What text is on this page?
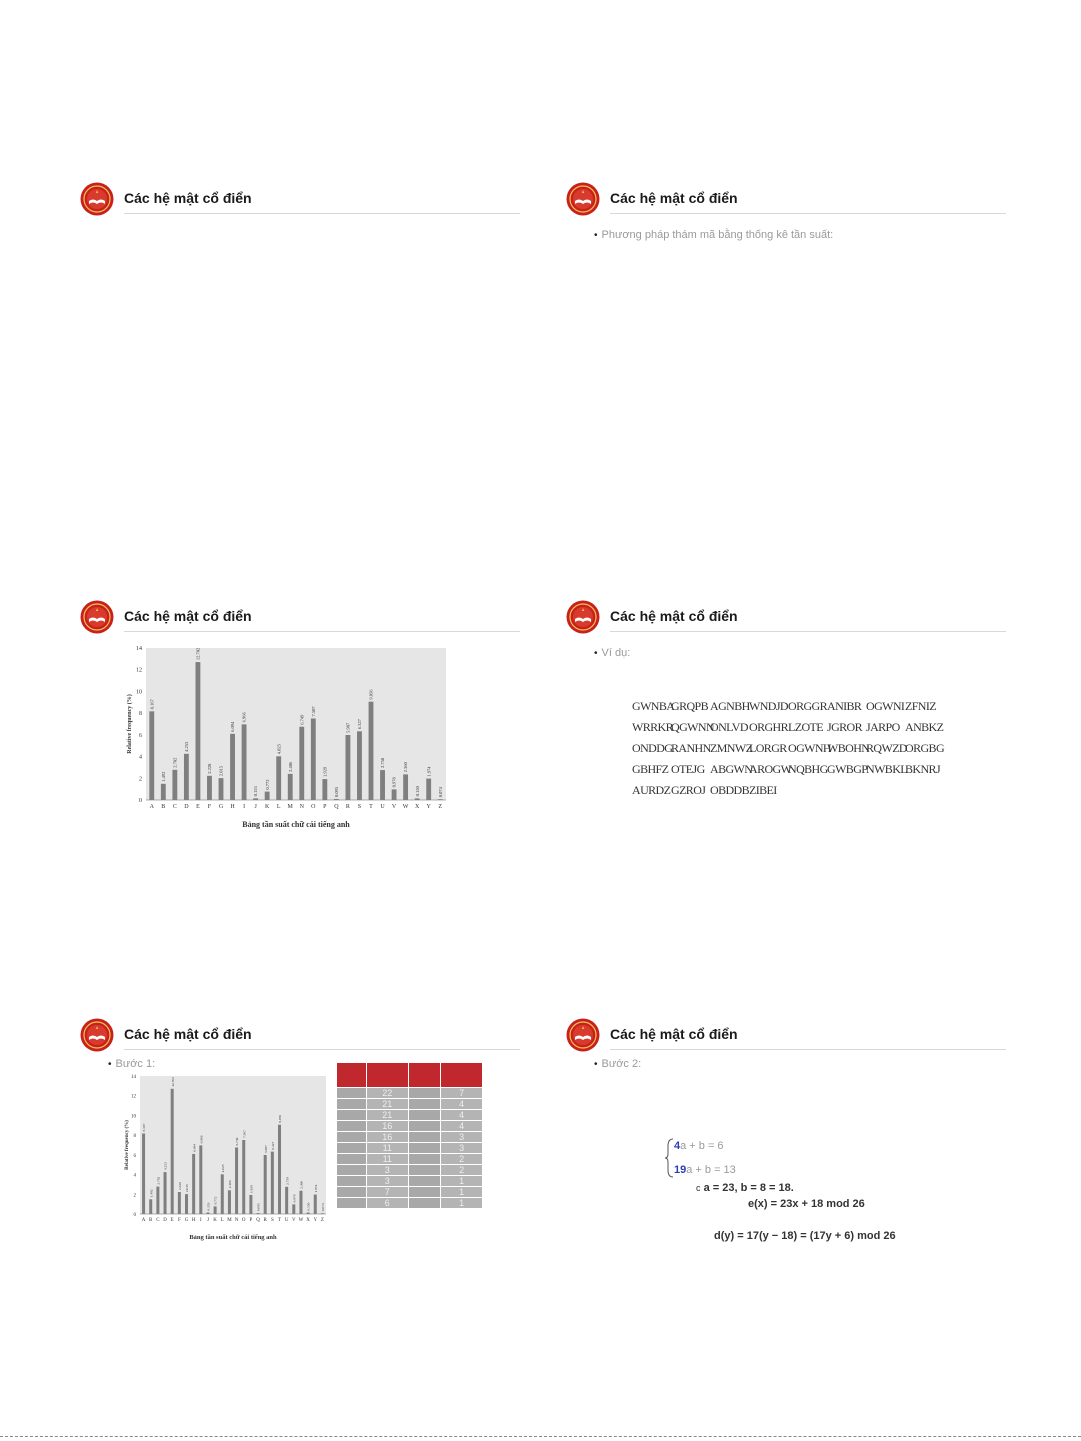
Các hệ mật cổ điển	Các hệ mật cổ điển
• Phương pháp thám mã bằng thống kê tần suất:
Các hệ mật cổ điển
0
2
4
6
8
10
12
14
8.167
A
1.492
B
2.782
C
4.253
D
12.702
E
2.228
F
2.015
G
6.094
H
6.966
I
0.153
J
0.772
K
4.025
L
2.406
M
6.749
N
7.507
O
1.929
P
0.095
Q
5.987
R
6.327
S
9.056
T
2.758
U
0.978
V
2.360
W
0.150
X
1.974
Y
0.074
Z
Relative frequency (%)
Bảng tần suất chữ cái tiếng anh
Các hệ mật cổ điển
• Ví dụ:
GWNBA
GRQPB AGNBH WNDJD ORGGR ANIBR OGWNI ZFNIZ
WRRKR
QGWNN
ONLVD ORGHR LZOTE JGROR JARPO ANBKZ
ONDDG
RANHN ZMNWZ
LORGR OGWNH
WBOHN
RQWZD
ORGBG
GBHFZ OTEJG ABGWN
AROGW
NQBHG GWBGP
NWBKL
BKNRJ
AURDZ GZROJ OBDDB ZIBEI
Các hệ mật cổ điển
• Bước 1:
0
2
4
6
8
10
12
14
8.167
A
1.492
B
2.782
C
4.253
D
12.702
E
2.228
F
2.015
G
6.094
H
6.966
I
0.153
J
0.772
K
4.025
L
2.406
M
6.749
N
7.507
O
1.929
P
0.095
Q
5.987
R
6.327
S
9.056
T
2.758
U
0.978
V
2.360
W
0.150
X
1.974
Y
0.074
Z
Relative frequency (%)
Bảng tần suất chữ cái tiếng anh

	22		7
	21		4
	21		4
	16		4
	16		3
	11		3
	11		2
	3		2
	3		1
	7		1
	6		1
Các hệ mật cổ điển
• Bước 2:
4a + b = 6
19a + b = 13
c a = 23, b = 8 = 18.
e(x) = 23x + 18 mod 26
d(y) = 17(y − 18) = (17y + 6) mod 26
